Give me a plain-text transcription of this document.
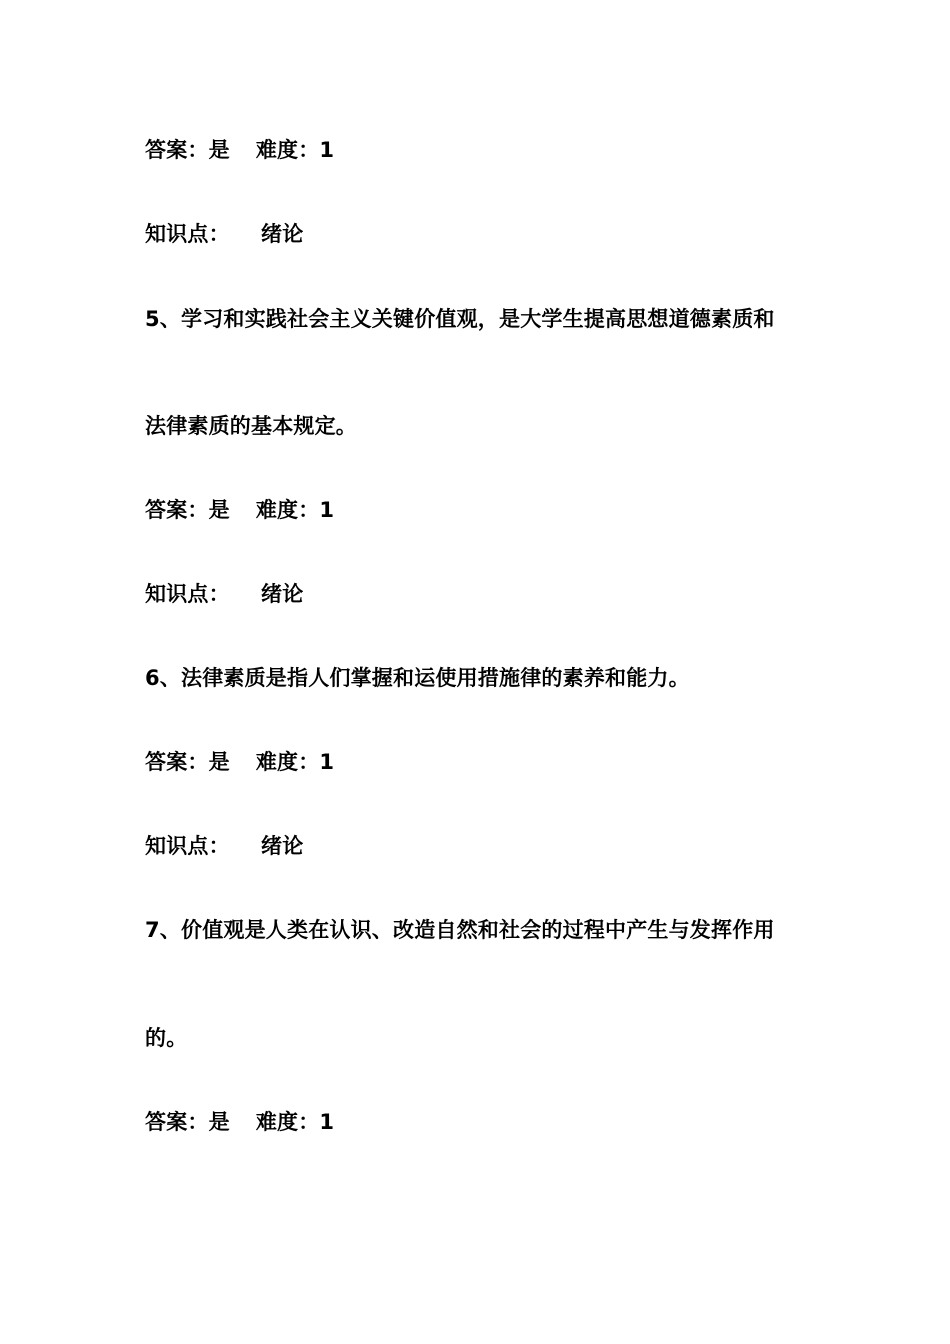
答案：是 难度：1
知识点： 绪论
5、学习和实践社会主义关键价值观，是大学生提高思想道德素质和
法律素质的基本规定。
答案：是 难度：1
知识点： 绪论
6、法律素质是指人们掌握和运使用措施律的素养和能力。
答案：是 难度：1
知识点： 绪论
7、价值观是人类在认识、改造自然和社会的过程中产生与发挥作用
的。
答案：是 难度：1
